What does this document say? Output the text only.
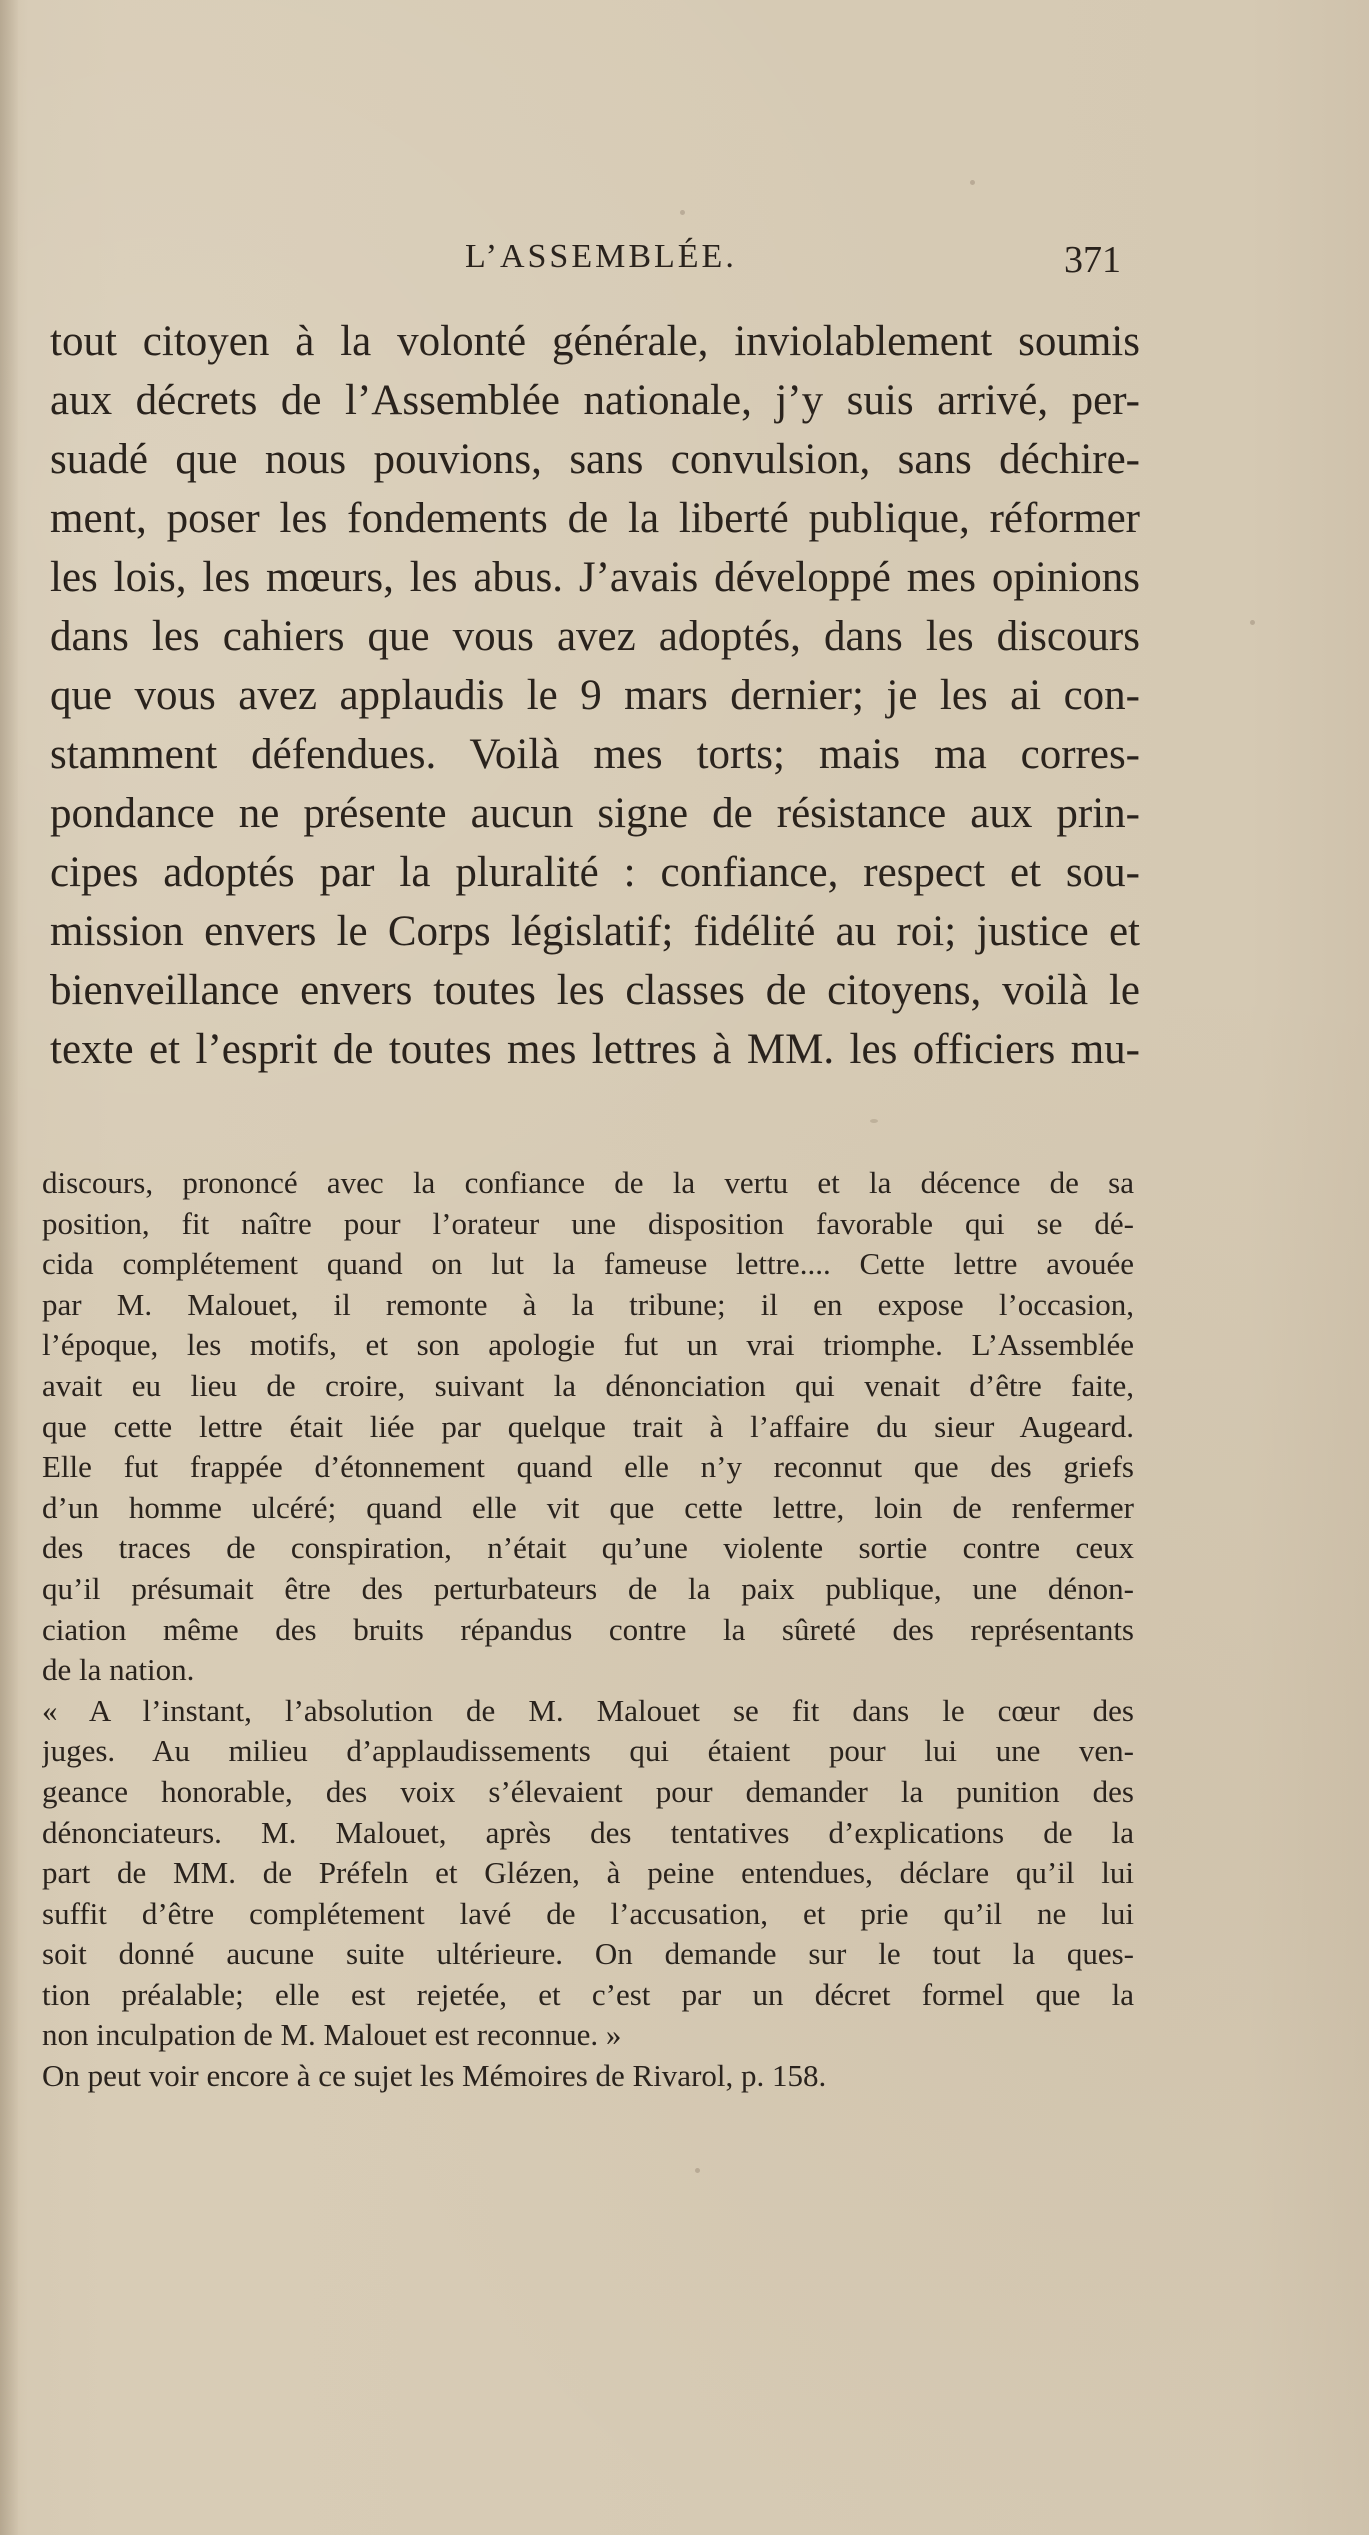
L’ASSEMBLÉE.	371
tout citoyen à la volonté générale, inviolablement soumis
aux décrets de l’Assemblée nationale, j’y suis arrivé, per-
suadé que nous pouvions, sans convulsion, sans déchire-
ment, poser les fondements de la liberté publique, réformer
les lois, les mœurs, les abus. J’avais développé mes opinions
dans les cahiers que vous avez adoptés, dans les discours
que vous avez applaudis le 9 mars dernier; je les ai con-
stamment défendues. Voilà mes torts; mais ma corres-
pondance ne présente aucun signe de résistance aux prin-
cipes adoptés par la pluralité : confiance, respect et sou-
mission envers le Corps législatif; fidélité au roi; justice et
bienveillance envers toutes les classes de citoyens, voilà le
texte et l’esprit de toutes mes lettres à MM. les officiers mu-
discours, prononcé avec la confiance de la vertu et la décence de sa
position, fit naître pour l’orateur une disposition favorable qui se dé-
cida complétement quand on lut la fameuse lettre.... Cette lettre avouée
par M. Malouet, il remonte à la tribune; il en expose l’occasion,
l’époque, les motifs, et son apologie fut un vrai triomphe. L’Assemblée
avait eu lieu de croire, suivant la dénonciation qui venait d’être faite,
que cette lettre était liée par quelque trait à l’affaire du sieur Augeard.
Elle fut frappée d’étonnement quand elle n’y reconnut que des griefs
d’un homme ulcéré; quand elle vit que cette lettre, loin de renfermer
des traces de conspiration, n’était qu’une violente sortie contre ceux
qu’il présumait être des perturbateurs de la paix publique, une dénon-
ciation même des bruits répandus contre la sûreté des représentants
de la nation.
« A l’instant, l’absolution de M. Malouet se fit dans le cœur des
juges. Au milieu d’applaudissements qui étaient pour lui une ven-
geance honorable, des voix s’élevaient pour demander la punition des
dénonciateurs. M. Malouet, après des tentatives d’explications de la
part de MM. de Préfeln et Glézen, à peine entendues, déclare qu’il lui
suffit d’être complétement lavé de l’accusation, et prie qu’il ne lui
soit donné aucune suite ultérieure. On demande sur le tout la ques-
tion préalable; elle est rejetée, et c’est par un décret formel que la
non inculpation de M. Malouet est reconnue. »
On peut voir encore à ce sujet les Mémoires de Rivarol, p. 158.
